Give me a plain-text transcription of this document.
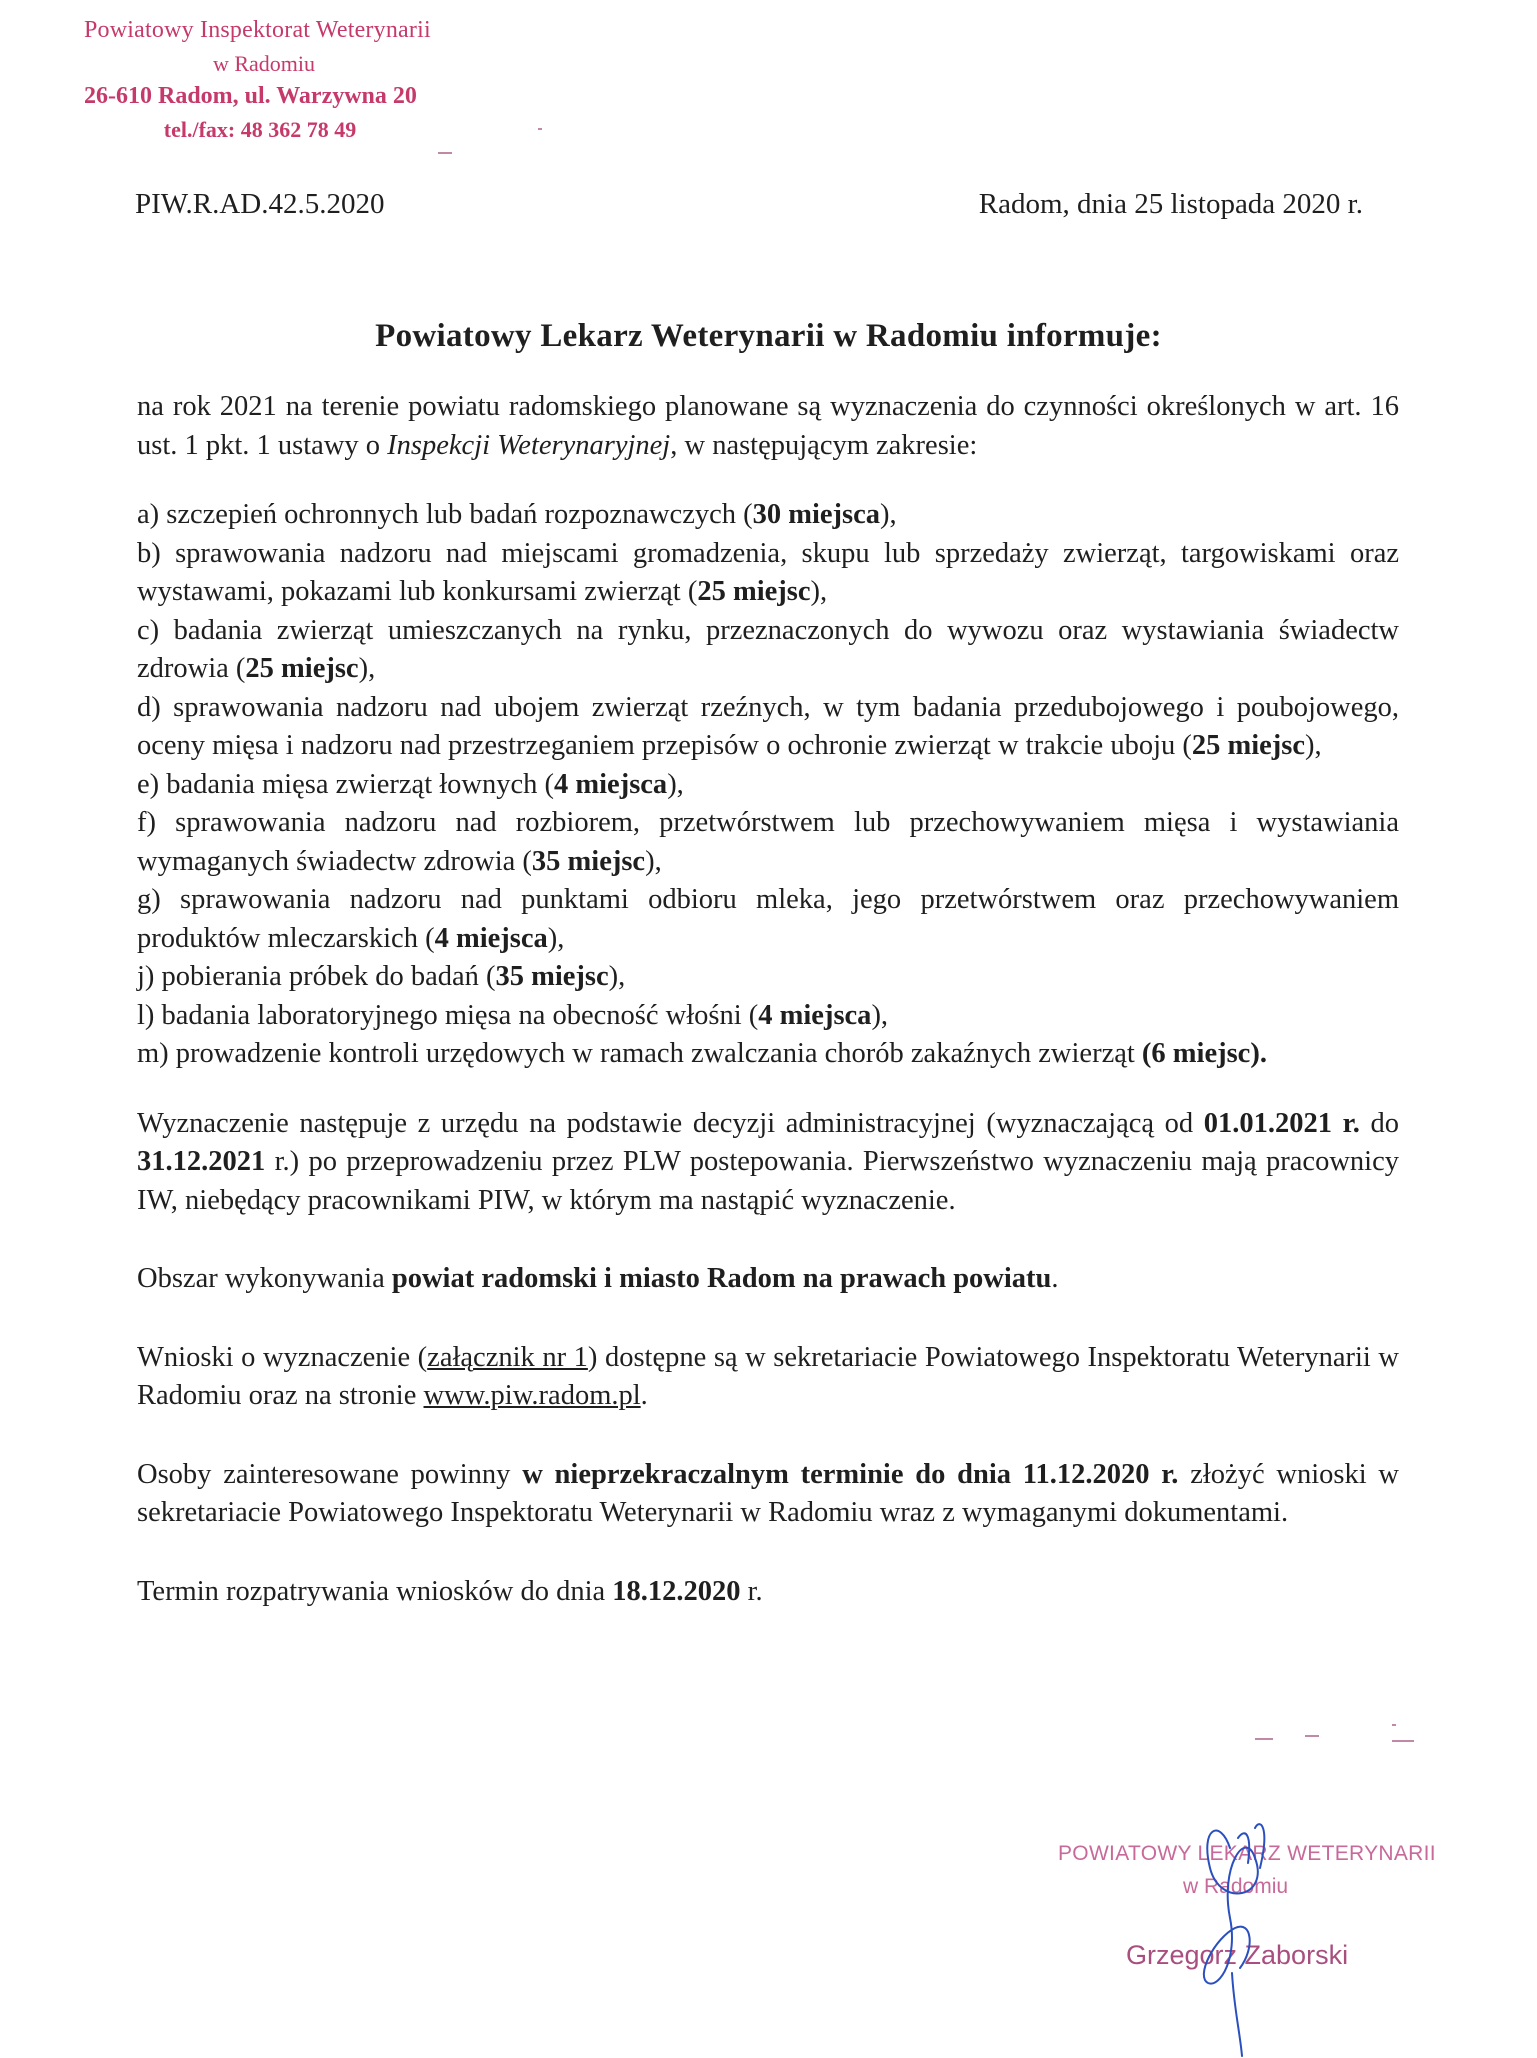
Powiatowy Inspektorat Weterynarii
w Radomiu
26-610 Radom, ul. Warzywna 20
tel./fax: 48 362 78 49
PIW.R.AD.42.5.2020	Radom, dnia 25 listopada 2020 r.
Powiatowy Lekarz Weterynarii w Radomiu informuje:

na rok 2021 na terenie powiatu radomskiego planowane są wyznaczenia do czynności określonych w art. 16 ust. 1 pkt. 1 ustawy o Inspekcji Weterynaryjnej, w następującym zakresie:

a) szczepień ochronnych lub badań rozpoznawczych (30 miejsca),

b) sprawowania nadzoru nad miejscami gromadzenia, skupu lub sprzedaży zwierząt, targowiskami oraz wystawami, pokazami lub konkursami zwierząt (25 miejsc),

c) badania zwierząt umieszczanych na rynku, przeznaczonych do wywozu oraz wystawiania świadectw zdrowia (25 miejsc),

d) sprawowania nadzoru nad ubojem zwierząt rzeźnych, w tym badania przedubojowego i poubojowego, oceny mięsa i nadzoru nad przestrzeganiem przepisów o ochronie zwierząt w trakcie uboju (25 miejsc),

e) badania mięsa zwierząt łownych (4 miejsca),

f) sprawowania nadzoru nad rozbiorem, przetwórstwem lub przechowywaniem mięsa i wystawiania wymaganych świadectw zdrowia (35 miejsc),

g) sprawowania nadzoru nad punktami odbioru mleka, jego przetwórstwem oraz przechowywaniem produktów mleczarskich (4 miejsca),

j) pobierania próbek do badań (35 miejsc),

l) badania laboratoryjnego mięsa na obecność włośni (4 miejsca),

m) prowadzenie kontroli urzędowych w ramach zwalczania chorób zakaźnych zwierząt (6 miejsc).

Wyznaczenie następuje z urzędu na podstawie decyzji administracyjnej (wyznaczającą od 01.01.2021 r. do 31.12.2021 r.) po przeprowadzeniu przez PLW postepowania. Pierwszeństwo wyznaczeniu mają pracownicy IW, niebędący pracownikami PIW, w którym ma nastąpić wyznaczenie.

Obszar wykonywania powiat radomski i miasto Radom na prawach powiatu.

Wnioski o wyznaczenie (załącznik nr 1) dostępne są w sekretariacie Powiatowego Inspektoratu Weterynarii w Radomiu oraz na stronie www.piw.radom.pl.

Osoby zainteresowane powinny w nieprzekraczalnym terminie do dnia 11.12.2020 r. złożyć wnioski w sekretariacie Powiatowego Inspektoratu Weterynarii w Radomiu wraz z wymaganymi dokumentami.

Termin rozpatrywania wniosków do dnia 18.12.2020 r.

POWIATOWY LEKARZ WETERYNARII
w Radomiu
Grzegorz Zaborski
